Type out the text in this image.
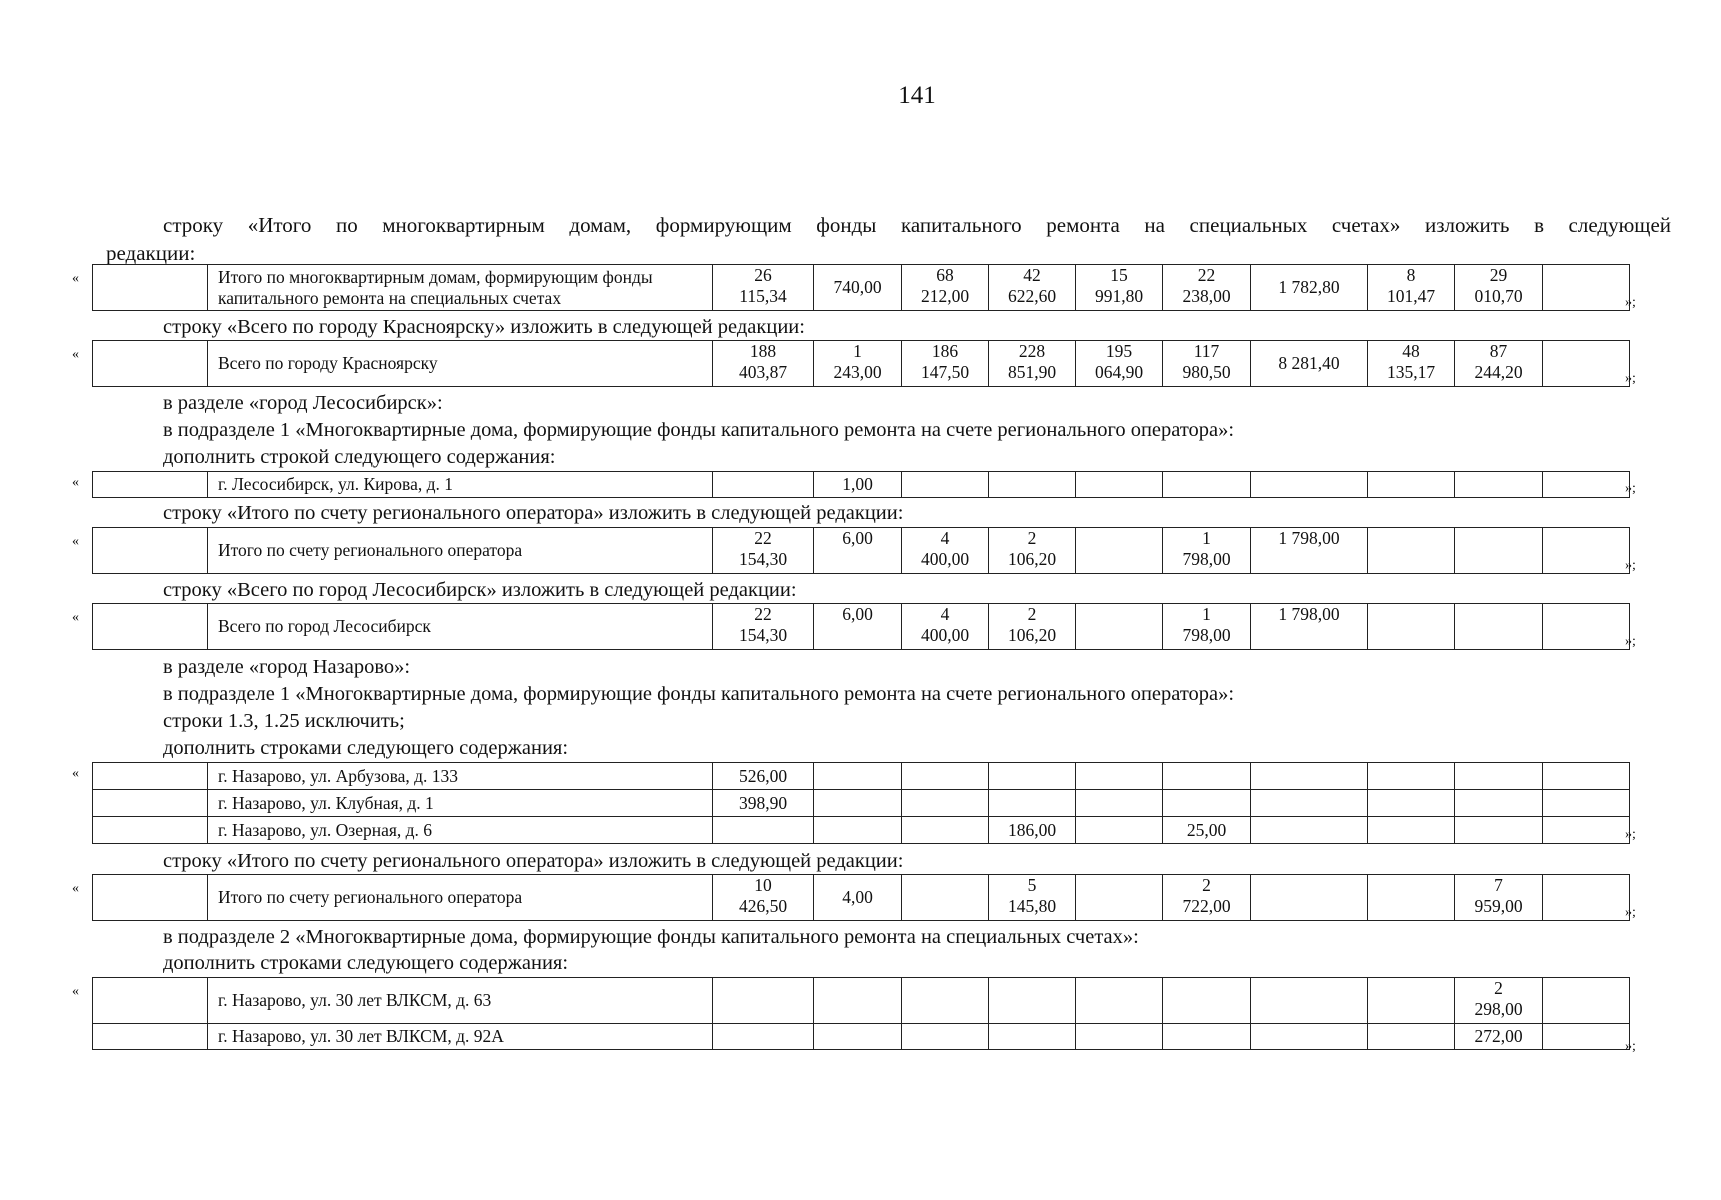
141
строку «Итого по многоквартирным домам, формирующим фонды капитального ремонта на специальных счетах» изложить в следующей
редакции:
«
		Итого по многоквартирным домам, формирующим фонды капитального ремонта на специальных счетах	26
115,34	740,00	68
212,00	42
622,60	15
991,80	22
238,00	1 782,80	8
101,47	29
010,70		»;
строку «Всего по городу Красноярску» изложить в следующей редакции:
«
		Всего по городу Красноярску	188
403,87	1
243,00	186
147,50	228
851,90	195
064,90	117
980,50	8 281,40	48
135,17	87
244,20		»;
в разделе «город Лесосибирск»:
в подразделе 1 «Многоквартирные дома, формирующие фонды капитального ремонта на счете регионального оператора»:
дополнить строкой следующего содержания:
«
		г. Лесосибирск, ул. Кирова, д. 1		1,00									»;
строку «Итого по счету регионального оператора» изложить в следующей редакции:
«
		Итого по счету регионального оператора	22
154,30	6,00	4
400,00	2
106,20		1
798,00	1 798,00			
»;
строку «Всего по город Лесосибирск» изложить в следующей редакции:
«
		Всего по город Лесосибирск	22
154,30	6,00	4
400,00	2
106,20		1
798,00	1 798,00			
»;
в разделе «город Назарово»:
в подразделе 1 «Многоквартирные дома, формирующие фонды капитального ремонта на счете регионального оператора»:
строки 1.3, 1.25 исключить;
дополнить строками следующего содержания:
«
		г. Назарово, ул. Арбузова, д. 133	526,00									
	г. Назарово, ул. Клубная, д. 1	398,90									
	г. Назарово, ул. Озерная, д. 6				186,00		25,00					»;
строку «Итого по счету регионального оператора» изложить в следующей редакции:
«
		Итого по счету регионального оператора	10
426,50	4,00		5
145,80		2
722,00			7
959,00		»;
в подразделе 2 «Многоквартирные дома, формирующие фонды капитального ремонта на специальных счетах»:
дополнить строками следующего содержания:
«
		г. Назарово, ул. 30 лет ВЛКСМ, д. 63									2
298,00	
	г. Назарово, ул. 30 лет ВЛКСМ, д. 92А									272,00	
»;
